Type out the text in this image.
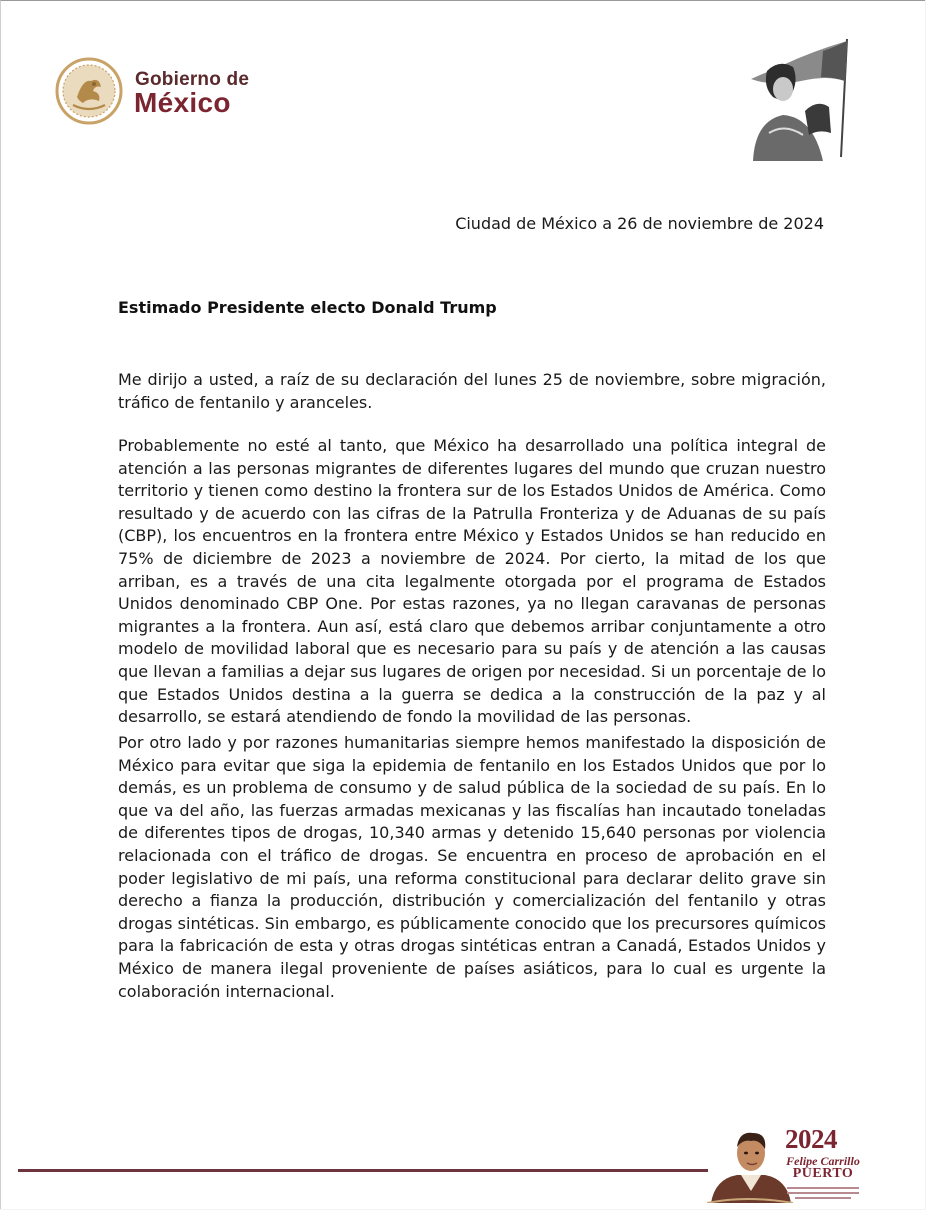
Gobierno de
México
Ciudad de México a 26 de noviembre de 2024
Estimado Presidente electo Donald Trump

Me dirijo a usted, a raíz de su declaración del lunes 25 de noviembre, sobre migración, tráfico de fentanilo y aranceles.

Probablemente no esté al tanto, que México ha desarrollado una política integral de atención a las personas migrantes de diferentes lugares del mundo que cruzan nuestro territorio y tienen como destino la frontera sur de los Estados Unidos de América. Como resultado y de acuerdo con las cifras de la Patrulla Fronteriza y de Aduanas de su país (CBP), los encuentros en la frontera entre México y Estados Unidos se han reducido en 75% de diciembre de 2023 a noviembre de 2024. Por cierto, la mitad de los que arriban, es a través de una cita legalmente otorgada por el programa de Estados Unidos denominado CBP One. Por estas razones, ya no llegan caravanas de personas migrantes a la frontera. Aun así, está claro que debemos arribar conjuntamente a otro modelo de movilidad laboral que es necesario para su país y de atención a las causas que llevan a familias a dejar sus lugares de origen por necesidad. Si un porcentaje de lo que Estados Unidos destina a la guerra se dedica a la construcción de la paz y al desarrollo, se estará atendiendo de fondo la movilidad de las personas.

Por otro lado y por razones humanitarias siempre hemos manifestado la disposición de México para evitar que siga la epidemia de fentanilo en los Estados Unidos que por lo demás, es un problema de consumo y de salud pública de la sociedad de su país. En lo que va del año, las fuerzas armadas mexicanas y las fiscalías han incautado toneladas de diferentes tipos de drogas, 10,340 armas y detenido 15,640 personas por violencia relacionada con el tráfico de drogas. Se encuentra en proceso de aprobación en el poder legislativo de mi país, una reforma constitucional para declarar delito grave sin derecho a fianza la producción, distribución y comercialización del fentanilo y otras drogas sintéticas. Sin embargo, es públicamente conocido que los precursores químicos para la fabricación de esta y otras drogas sintéticas entran a Canadá, Estados Unidos y México de manera ilegal proveniente de países asiáticos, para lo cual es urgente la colaboración internacional.

2024
Felipe Carrillo
PUERTO
